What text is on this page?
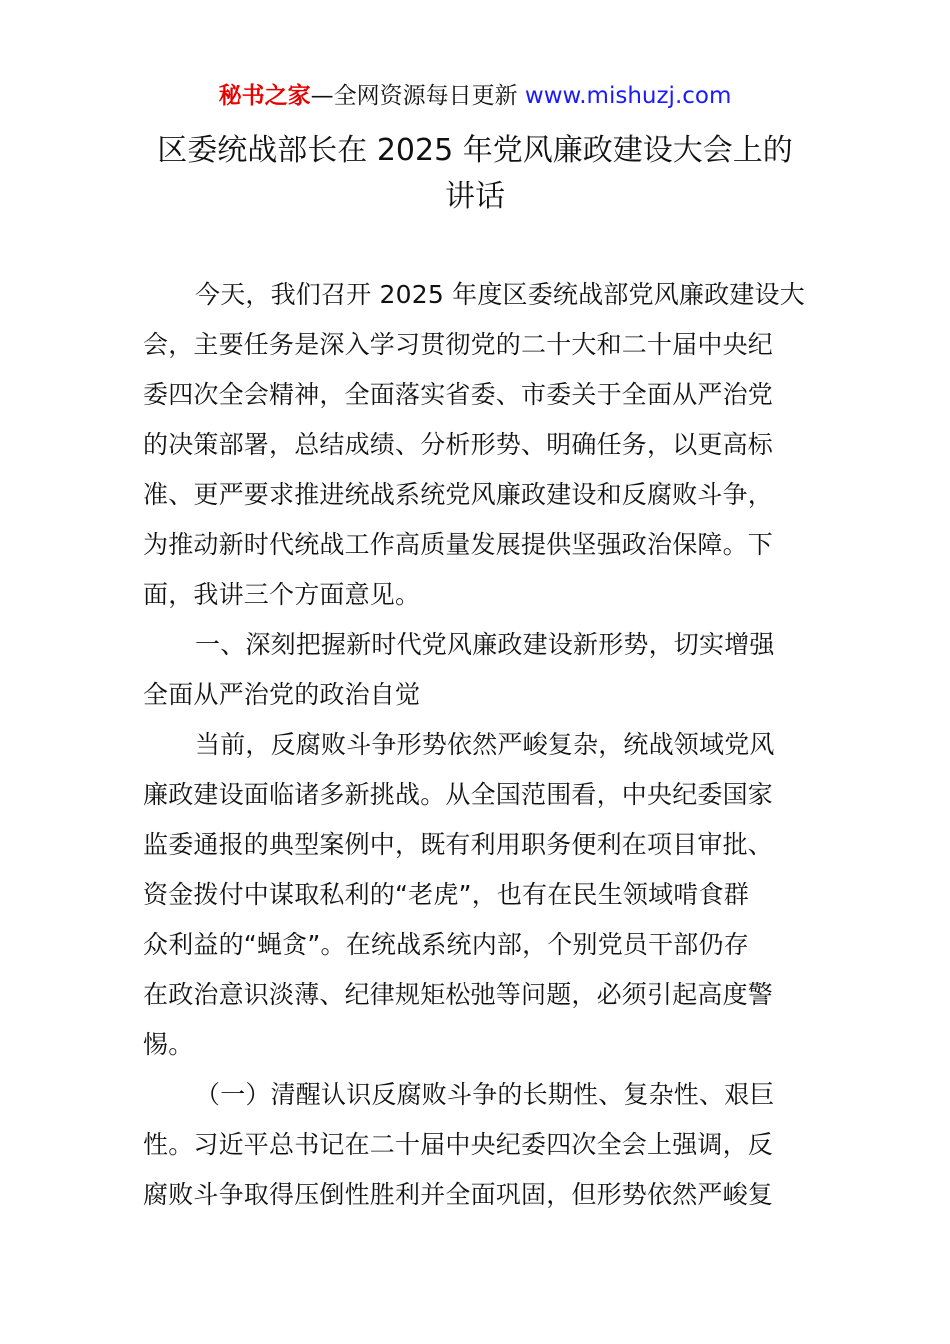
秘书之家—全网资源每日更新 www.mishuzj.com
区委统战部长在 2025 年党风廉政建设大会上的
讲话

今天，我们召开 2025 年度区委统战部党风廉政建设大
会，主要任务是深入学习贯彻党的二十大和二十届中央纪
委四次全会精神，全面落实省委、市委关于全面从严治党
的决策部署，总结成绩、分析形势、明确任务，以更高标
准、更严要求推进统战系统党风廉政建设和反腐败斗争，
为推动新时代统战工作高质量发展提供坚强政治保障。下
面，我讲三个方面意见。

一、深刻把握新时代党风廉政建设新形势，切实增强
全面从严治党的政治自觉

当前，反腐败斗争形势依然严峻复杂，统战领域党风
廉政建设面临诸多新挑战。从全国范围看，中央纪委国家
监委通报的典型案例中，既有利用职务便利在项目审批、
资金拨付中谋取私利的“老虎”，也有在民生领域啃食群
众利益的“蝇贪”。在统战系统内部，个别党员干部仍存
在政治意识淡薄、纪律规矩松弛等问题，必须引起高度警
惕。

（一）清醒认识反腐败斗争的长期性、复杂性、艰巨
性。习近平总书记在二十届中央纪委四次全会上强调，反
腐败斗争取得压倒性胜利并全面巩固，但形势依然严峻复
